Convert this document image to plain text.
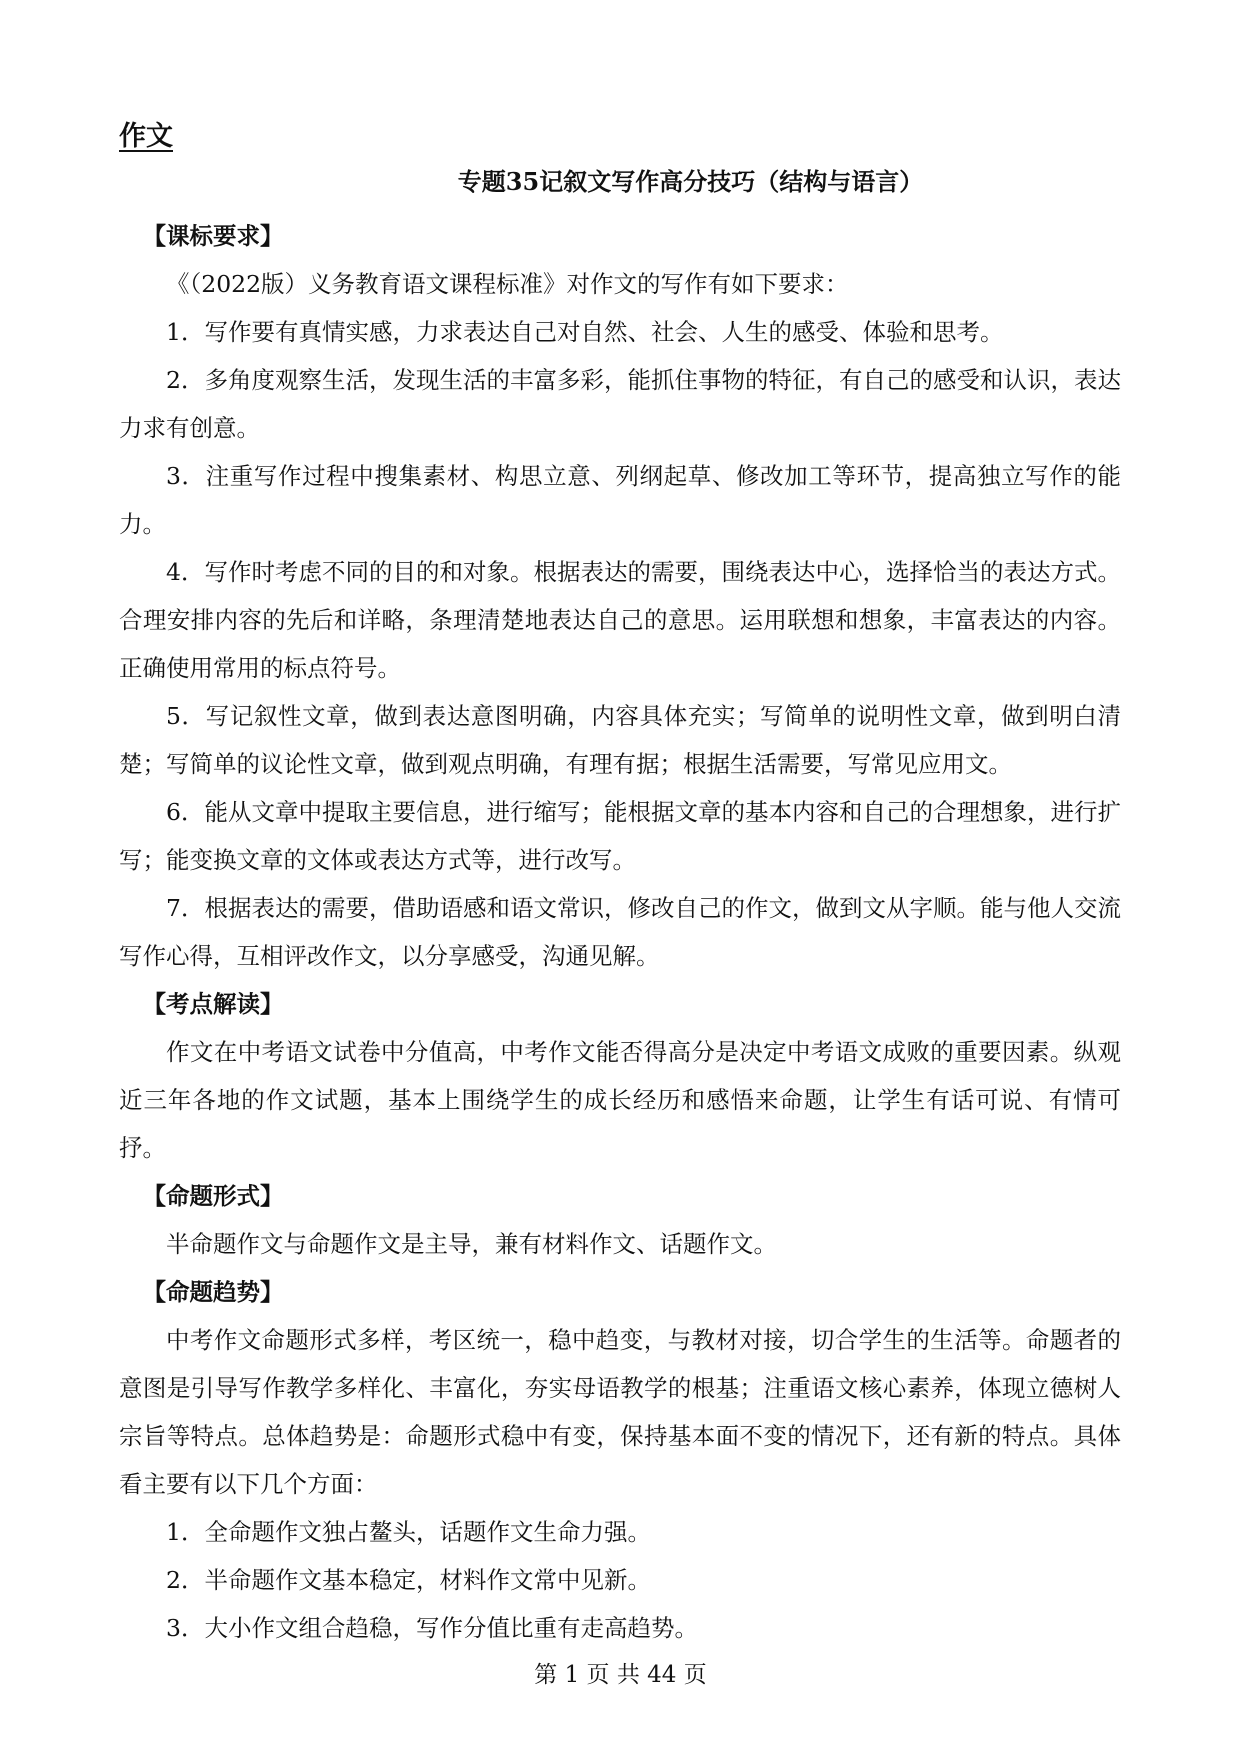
作文
专题35记叙文写作高分技巧（结构与语言）
【课标要求】

《（2022版）义务教育语文课程标准》对作文的写作有如下要求：

1．写作要有真情实感，力求表达自己对自然、社会、人生的感受、体验和思考。

2．多角度观察生活，发现生活的丰富多彩，能抓住事物的特征，有自己的感受和认识，表达力求有创意。

3．注重写作过程中搜集素材、构思立意、列纲起草、修改加工等环节，提高独立写作的能力。

4．写作时考虑不同的目的和对象。根据表达的需要，围绕表达中心，选择恰当的表达方式。合理安排内容的先后和详略，条理清楚地表达自己的意思。运用联想和想象，丰富表达的内容。正确使用常用的标点符号。

5．写记叙性文章，做到表达意图明确，内容具体充实；写简单的说明性文章，做到明白清楚；写简单的议论性文章，做到观点明确，有理有据；根据生活需要，写常见应用文。

6．能从文章中提取主要信息，进行缩写；能根据文章的基本内容和自己的合理想象，进行扩写；能变换文章的文体或表达方式等，进行改写。

7．根据表达的需要，借助语感和语文常识，修改自己的作文，做到文从字顺。能与他人交流写作心得，互相评改作文，以分享感受，沟通见解。

【考点解读】

作文在中考语文试卷中分值高，中考作文能否得高分是决定中考语文成败的重要因素。纵观近三年各地的作文试题，基本上围绕学生的成长经历和感悟来命题，让学生有话可说、有情可抒。

【命题形式】

半命题作文与命题作文是主导，兼有材料作文、话题作文。

【命题趋势】

中考作文命题形式多样，考区统一，稳中趋变，与教材对接，切合学生的生活等。命题者的意图是引导写作教学多样化、丰富化，夯实母语教学的根基；注重语文核心素养，体现立德树人宗旨等特点。总体趋势是：命题形式稳中有变，保持基本面不变的情况下，还有新的特点。具体看主要有以下几个方面：

1．全命题作文独占鳌头，话题作文生命力强。

2．半命题作文基本稳定，材料作文常中见新。

3．大小作文组合趋稳，写作分值比重有走高趋势。

第 1 页 共 44 页
